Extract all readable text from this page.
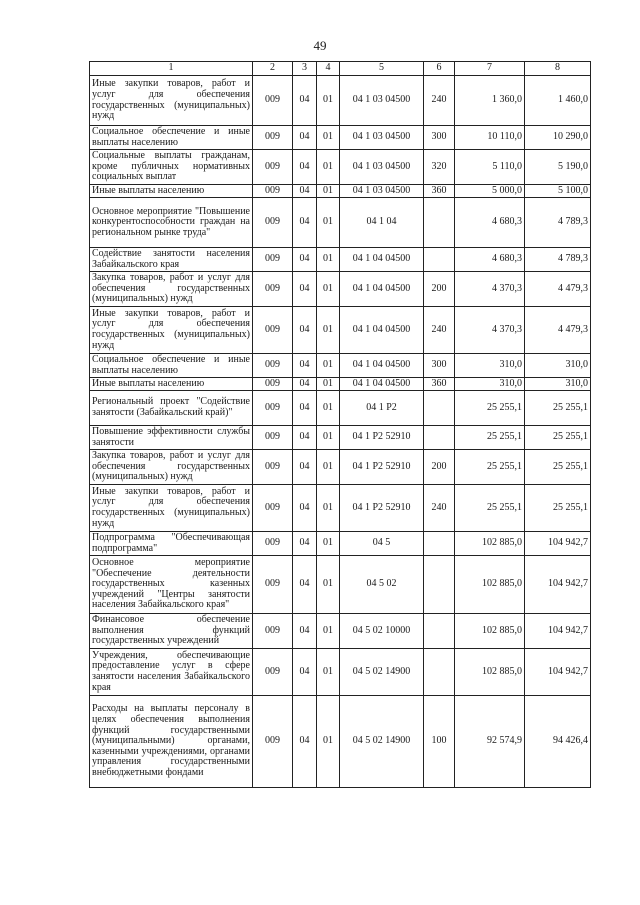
49
1	2	3	4	5	6	7	8
Иные закупки товаров, работ и услуг для обеспечения государственных (муниципальных) нужд	009	04	01	04 1 03 04500	240	1 360,0	1 460,0
Социальное обеспечение и иные выплаты населению	009	04	01	04 1 03 04500	300	10 110,0	10 290,0
Социальные выплаты гражданам, кроме публичных нормативных социальных выплат	009	04	01	04 1 03 04500	320	5 110,0	5 190,0
Иные выплаты населению	009	04	01	04 1 03 04500	360	5 000,0	5 100,0
Основное мероприятие "Повышение конкурентоспособности граждан на региональном рынке труда"	009	04	01	04 1 04		4 680,3	4 789,3
Содействие занятости населения Забайкальского края	009	04	01	04 1 04 04500		4 680,3	4 789,3
Закупка товаров, работ и услуг для обеспечения государственных (муниципальных) нужд	009	04	01	04 1 04 04500	200	4 370,3	4 479,3
Иные закупки товаров, работ и услуг для обеспечения государственных (муниципальных) нужд	009	04	01	04 1 04 04500	240	4 370,3	4 479,3
Социальное обеспечение и иные выплаты населению	009	04	01	04 1 04 04500	300	310,0	310,0
Иные выплаты населению	009	04	01	04 1 04 04500	360	310,0	310,0
Региональный проект "Содействие занятости (Забайкальский край)"	009	04	01	04 1 P2		25 255,1	25 255,1
Повышение эффективности службы занятости	009	04	01	04 1 P2 52910		25 255,1	25 255,1
Закупка товаров, работ и услуг для обеспечения государственных (муниципальных) нужд	009	04	01	04 1 P2 52910	200	25 255,1	25 255,1
Иные закупки товаров, работ и услуг для обеспечения государственных (муниципальных) нужд	009	04	01	04 1 P2 52910	240	25 255,1	25 255,1
Подпрограмма "Обеспечивающая подпрограмма"	009	04	01	04 5		102 885,0	104 942,7
Основное мероприятие "Обеспечение деятельности государственных казенных учреждений "Центры занятости населения Забайкальского края"	009	04	01	04 5 02		102 885,0	104 942,7
Финансовое обеспечение выполнения функций государственных учреждений	009	04	01	04 5 02 10000		102 885,0	104 942,7
Учреждения, обеспечивающие предоставление услуг в сфере занятости населения Забайкальского края	009	04	01	04 5 02 14900		102 885,0	104 942,7
Расходы на выплаты персоналу в целях обеспечения выполнения функций государственными (муниципальными) органами, казенными учреждениями, органами управления государственными внебюджетными фондами	009	04	01	04 5 02 14900	100	92 574,9	94 426,4
